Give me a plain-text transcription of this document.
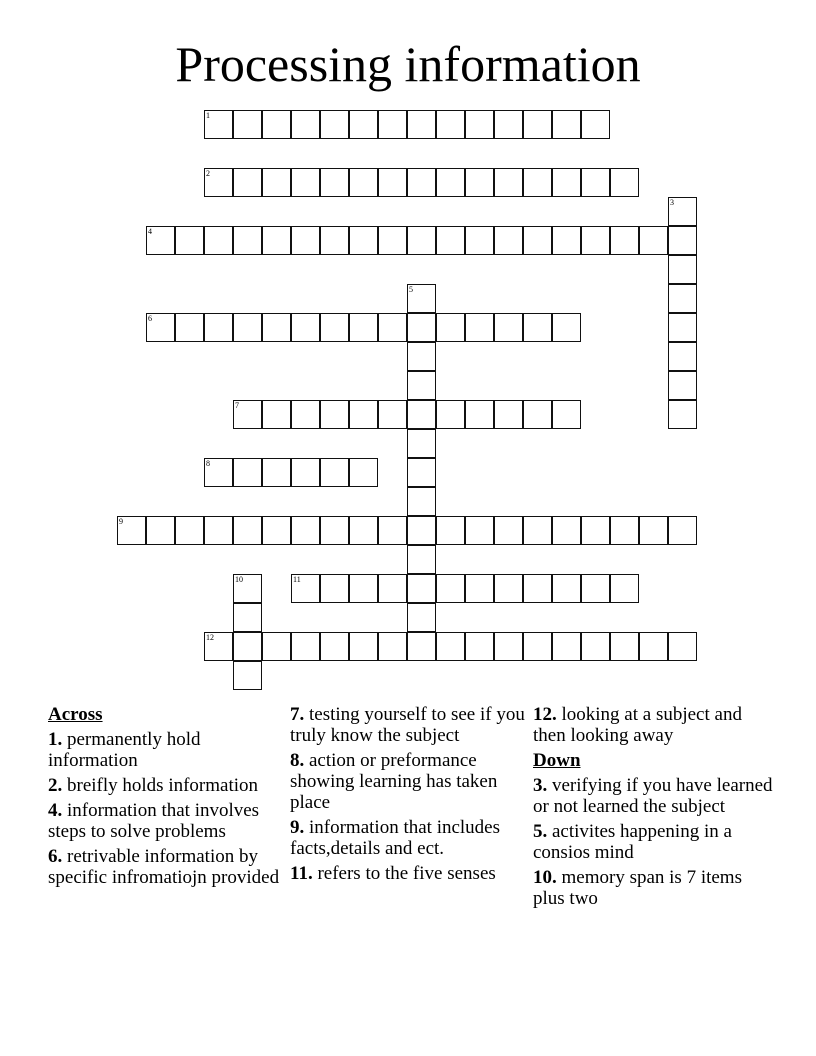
Processing information
1
2
3
4
5
6
7
8
9
10	11
12
Across
1. permanently hold information
2. breifly holds information
4. information that involves steps to solve problems
6. retrivable information by specific infromatiojn provided
7. testing yourself to see if you truly know the subject
8. action or preformance showing learning has taken place
9. information that includes facts,details and ect.
11. refers to the five senses
12. looking at a subject and then looking away
Down
3. verifying if you have learned or not learned the subject
5. activites happening in a consios mind
10. memory span is 7 items plus two
